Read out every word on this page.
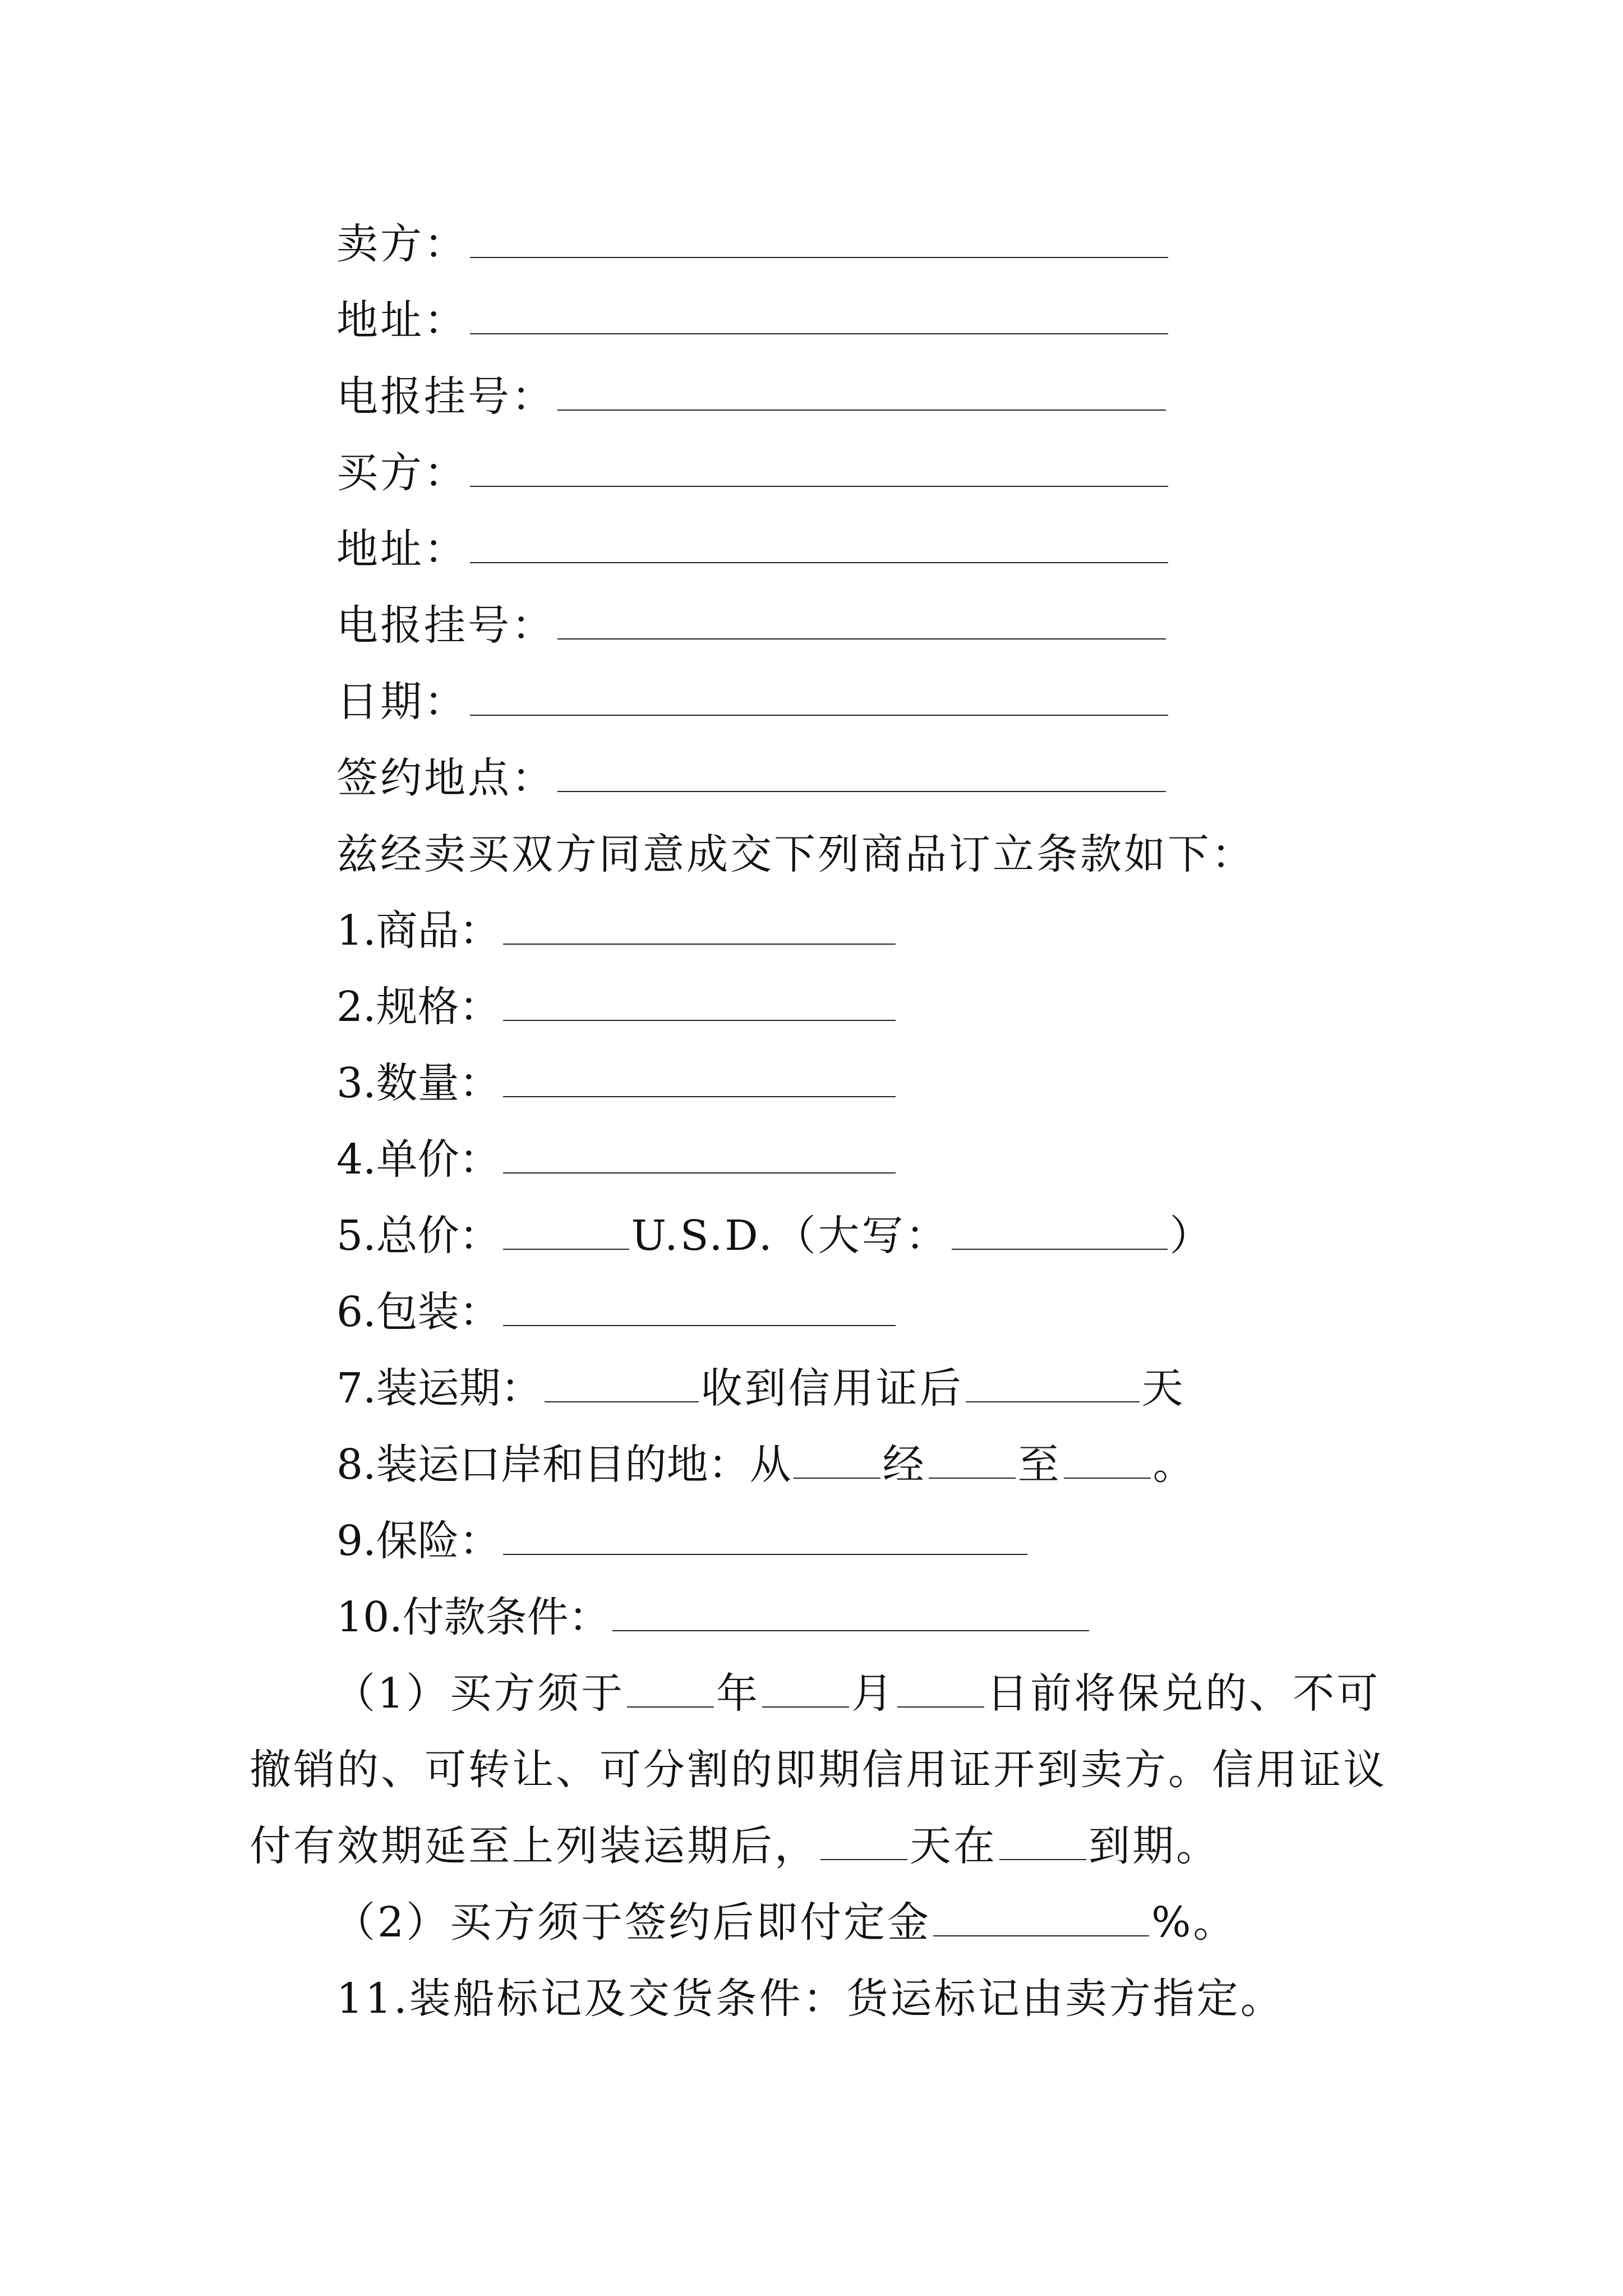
卖方：
地址：
电报挂号：
买方：
地址：
电报挂号：
日期：
签约地点：
兹经卖买双方同意成交下列商品订立条款如下：
1.商品：
2.规格：
3.数量：
4.单价：
5.总价：	U.S.D.（大写：	）
6.包装：
7.装运期：	收到信用证后	天
8.装运口岸和目的地：从 经 至 。
9.保险：
10.付款条件：
（1）买方须于 年 月 日前将保兑的、不可
撤销的、可转让、可分割的即期信用证开到卖方。信用证议
付有效期延至上列装运期后， 天在 到期。
（2）买方须于签约后即付定金	%。
11.装船标记及交货条件：货运标记由卖方指定。
